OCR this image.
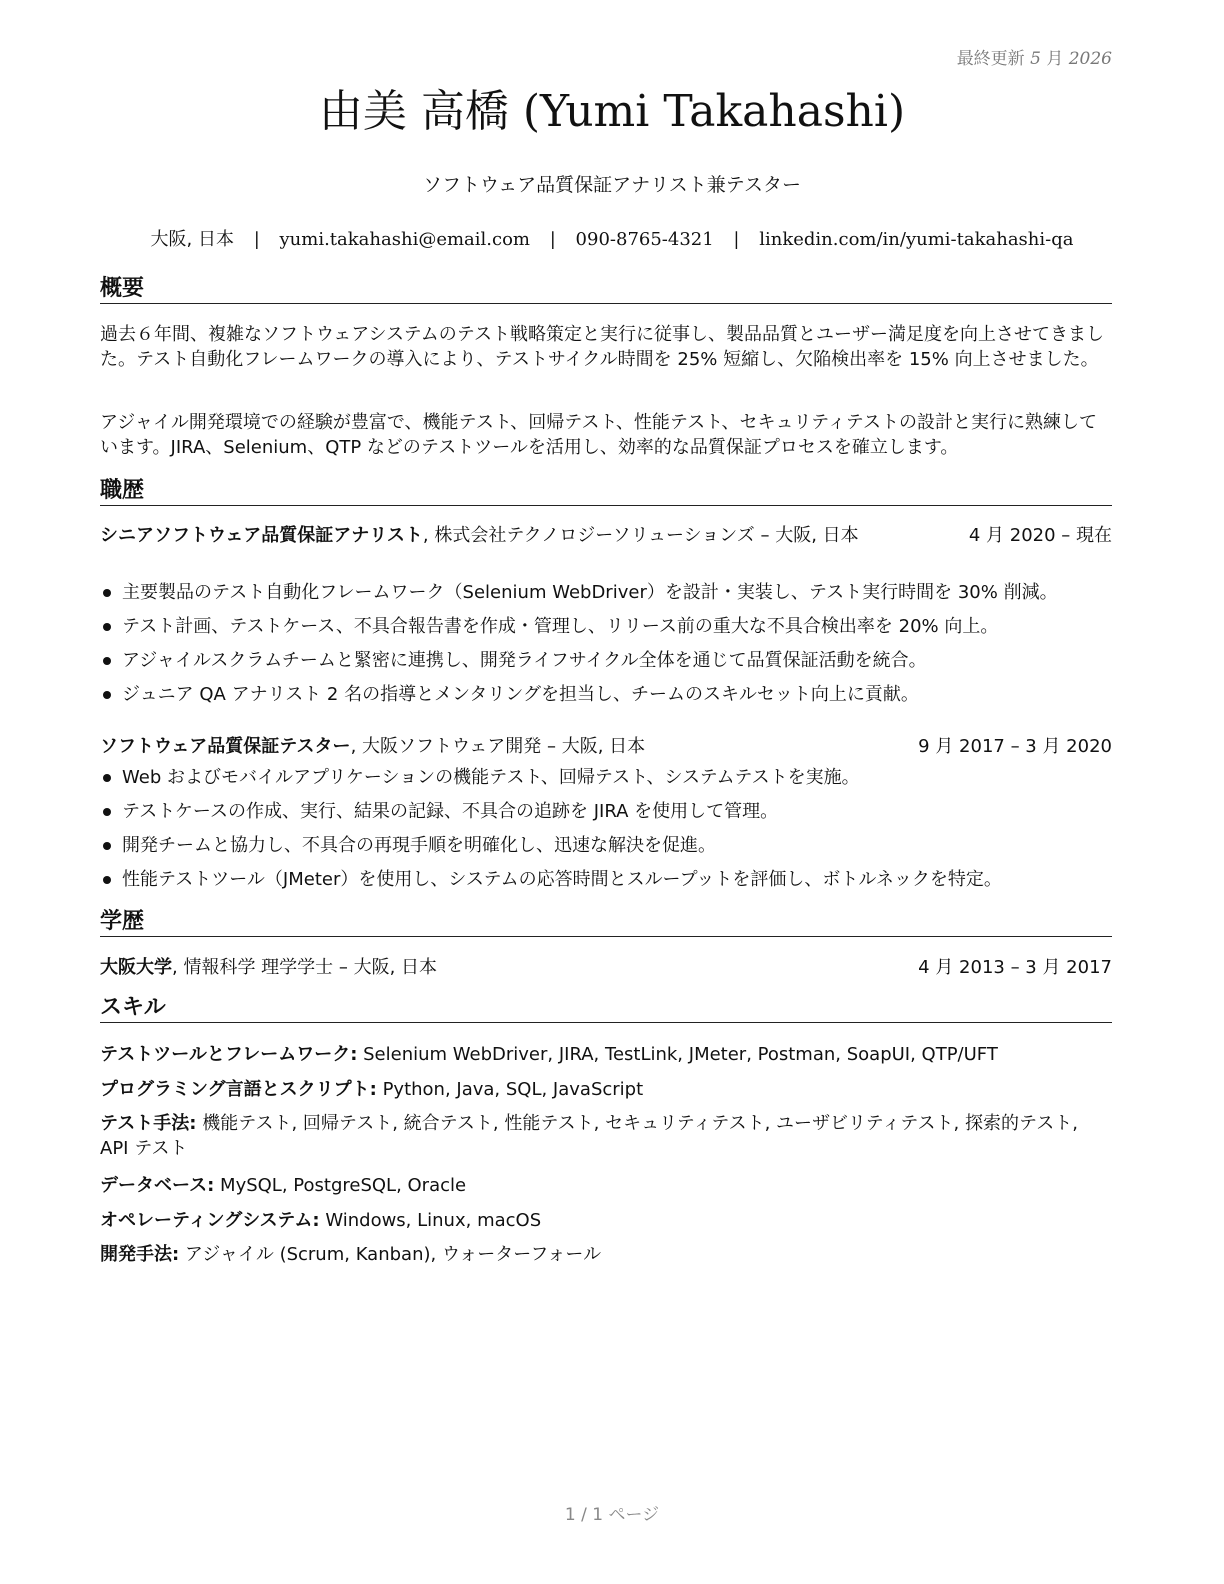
最終更新 5 月 2026
由美 高橋 (Yumi Takahashi)
ソフトウェア品質保証アナリスト兼テスター
大阪, 日本 | yumi.takahashi@email.com | 090-8765-4321 | linkedin.com/in/yumi-takahashi-qa
概要
過去６年間、複雑なソフトウェアシステムのテスト戦略策定と実行に従事し、製品品質とユーザー満足度を向上させてきました。テスト自動化フレームワークの導入により、テストサイクル時間を 25% 短縮し、欠陥検出率を 15% 向上させました。
アジャイル開発環境での経験が豊富で、機能テスト、回帰テスト、性能テスト、セキュリティテストの設計と実行に熟練しています。JIRA、Selenium、QTP などのテストツールを活用し、効率的な品質保証プロセスを確立します。
職歴
シニアソフトウェア品質保証アナリスト, 株式会社テクノロジーソリューションズ – 大阪, 日本	4 月 2020 – 現在
主要製品のテスト自動化フレームワーク（Selenium WebDriver）を設計・実装し、テスト実行時間を 30% 削減。
テスト計画、テストケース、不具合報告書を作成・管理し、リリース前の重大な不具合検出率を 20% 向上。
アジャイルスクラムチームと緊密に連携し、開発ライフサイクル全体を通じて品質保証活動を統合。
ジュニア QA アナリスト 2 名の指導とメンタリングを担当し、チームのスキルセット向上に貢献。
ソフトウェア品質保証テスター, 大阪ソフトウェア開発 – 大阪, 日本	9 月 2017 – 3 月 2020
Web およびモバイルアプリケーションの機能テスト、回帰テスト、システムテストを実施。
テストケースの作成、実行、結果の記録、不具合の追跡を JIRA を使用して管理。
開発チームと協力し、不具合の再現手順を明確化し、迅速な解決を促進。
性能テストツール（JMeter）を使用し、システムの応答時間とスループットを評価し、ボトルネックを特定。
学歴
大阪大学, 情報科学 理学学士 – 大阪, 日本	4 月 2013 – 3 月 2017
スキル
テストツールとフレームワーク: Selenium WebDriver, JIRA, TestLink, JMeter, Postman, SoapUI, QTP/UFT
プログラミング言語とスクリプト: Python, Java, SQL, JavaScript
テスト手法: 機能テスト, 回帰テスト, 統合テスト, 性能テスト, セキュリティテスト, ユーザビリティテスト, 探索的テスト, API テスト
データベース: MySQL, PostgreSQL, Oracle
オペレーティングシステム: Windows, Linux, macOS
開発手法: アジャイル (Scrum, Kanban), ウォーターフォール
1 / 1 ページ
